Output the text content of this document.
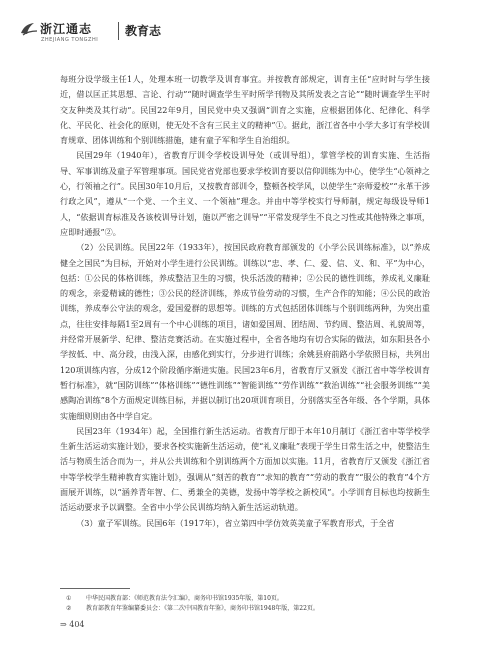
浙江通志
ZHEJIANG TONGZHI
教育志

每班分设学级主任1人，处理本班一切教学及训育事宜。并按教育部规定，训育主任“应时时与学生接近，借以匡正其思想、言论、行动”“随时调查学生平时所学刊物及其所发表之言论”“随时调查学生平时交友种类及其行动”。民国22年9月，国民党中央又强调“训育之实施，应根据团体化、纪律化、科学化、平民化、社会化的原则，使无处不含有三民主义的精神”①。据此，浙江省各中小学大多订有学校训育规章、团体训练和个别训练措施，建有童子军和学生自治组织。

民国29年（1940年），省教育厅训令学校设训导处（或训导组），掌管学校的训育实施、生活指导、军事训练及童子军管理事项。国民党省党部也要求学校训育要以信仰训练为中心，使学生“心领神之心，行领袖之行”。民国30年10月后，又按教育部训令，整顿各校学风，以使学生“亲师爱校”“永革干涉行政之风”，遵从“一个党、一个主义、一个领袖”理念。并由中等学校实行导师制，规定每级设导师1人，“依据训育标准及各该校训导计划，施以严密之训导”“平常发现学生不良之习性或其他特殊之事项，应即时通报”②。

（2）公民训练。民国22年（1933年），按国民政府教育部颁发的《小学公民训练标准》，以“养成健全之国民”为目标，开始对小学生进行公民训练。训练以“忠、孝、仁、爱、信、义、和、平”为中心，包括：①公民的体格训练，养成整洁卫生的习惯，快乐活泼的精神；②公民的德性训练，养成礼义廉耻的观念，亲爱精诚的德性；③公民的经济训练，养成节俭劳动的习惯，生产合作的知能；④公民的政治训练，养成奉公守法的观念，爱国爱群的思想等。训练的方式包括团体训练与个别训练两种，为突出重点，往往安排每隔1至2周有一个中心训练的项目，诸如爱国周、团结周、节约周、整洁周、礼貌周等，并经常开展新学、纪律、整洁竞赛活动。在实施过程中，全省各地均有切合实际的做法，如东阳县各小学按低、中、高分段，由浅入深，由感化到实行，分步进行训练；余姚县府前路小学依照目标，共列出120项训练内容，分成12个阶段循序渐进实施。民国23年6月，省教育厅又颁发《浙江省中等学校训育暂行标准》，就“国防训练”“体格训练”“德性训练”“智能训练”“劳作训练”“救治训练”“社会服务训练”“美感陶冶训练”8个方面规定训练目标，并据以制订出20项训育项目，分别落实至各年级、各个学期，具体实施细则则由各中学自定。

民国23年（1934年）起，全国推行新生活运动。省教育厅即于本年10月制订《浙江省中等学校学生新生活运动实施计划》，要求各校实施新生活运动，使“礼义廉耻”表现于学生日常生活之中，使整洁生活与物质生活合而为一，并从公共训练和个别训练两个方面加以实施。11月，省教育厅又颁发《浙江省中等学校学生精神教育实施计划》，强调从“刻苦的教育”“求知的教育”“劳动的教育”“服公的教育”4个方面展开训练，以“涵养青年智、仁、勇兼全的美德，发扬中等学校之新校风”。小学训育目标也均按新生活运动要求予以调整。全省中小学公民训练均纳入新生活运动轨道。

（3）童子军训练。民国6年（1917年），省立第四中学仿效英美童子军教育形式，于全省

①	中华民国教育部：《师范教育法令汇编》，商务印书馆1935年版，第10页。
②	教育部教育年鉴编纂委员会：《第二次中国教育年鉴》，商务印书馆1948年版，第22页。
⇒ 404
